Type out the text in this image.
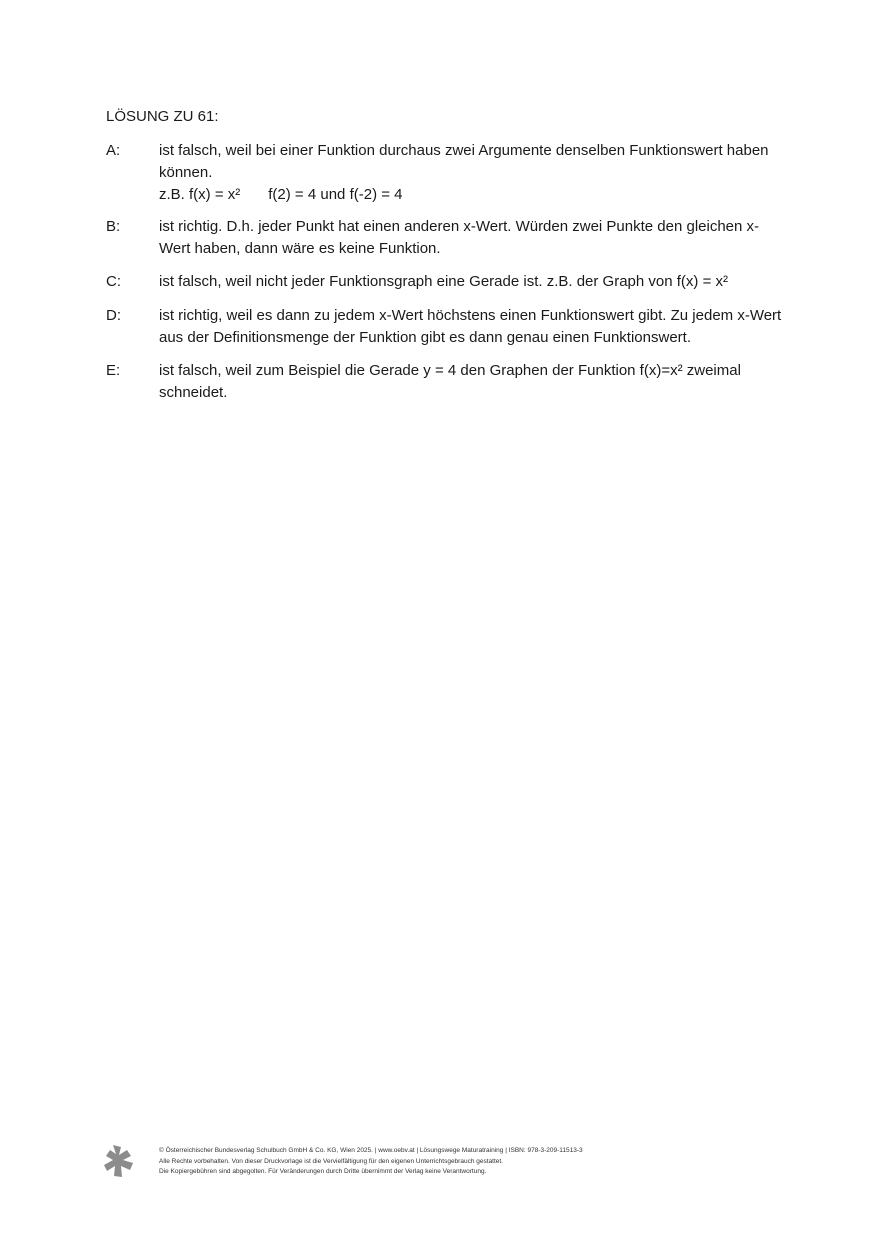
LÖSUNG ZU 61:
A:	ist falsch, weil bei einer Funktion durchaus zwei Argumente denselben Funktionswert haben können.
z.B. f(x) = x² f(2) = 4 und f(-2) = 4
B:	ist richtig. D.h. jeder Punkt hat einen anderen x-Wert. Würden zwei Punkte den gleichen x-Wert haben, dann wäre es keine Funktion.
C:	ist falsch, weil nicht jeder Funktionsgraph eine Gerade ist. z.B. der Graph von f(x) = x²
D:	ist richtig, weil es dann zu jedem x-Wert höchstens einen Funktionswert gibt. Zu jedem x-Wert aus der Definitionsmenge der Funktion gibt es dann genau einen Funktionswert.
E:	ist falsch, weil zum Beispiel die Gerade y = 4 den Graphen der Funktion f(x)=x² zweimal schneidet.
© Österreichischer Bundesverlag Schulbuch GmbH & Co. KG, Wien 2025. | www.oebv.at | Lösungswege Maturatraining | ISBN: 978-3-209-11513-3
Alle Rechte vorbehalten. Von dieser Druckvorlage ist die Vervielfältigung für den eigenen Unterrichtsgebrauch gestattet.
Die Kopiergebühren sind abgegolten. Für Veränderungen durch Dritte übernimmt der Verlag keine Verantwortung.
